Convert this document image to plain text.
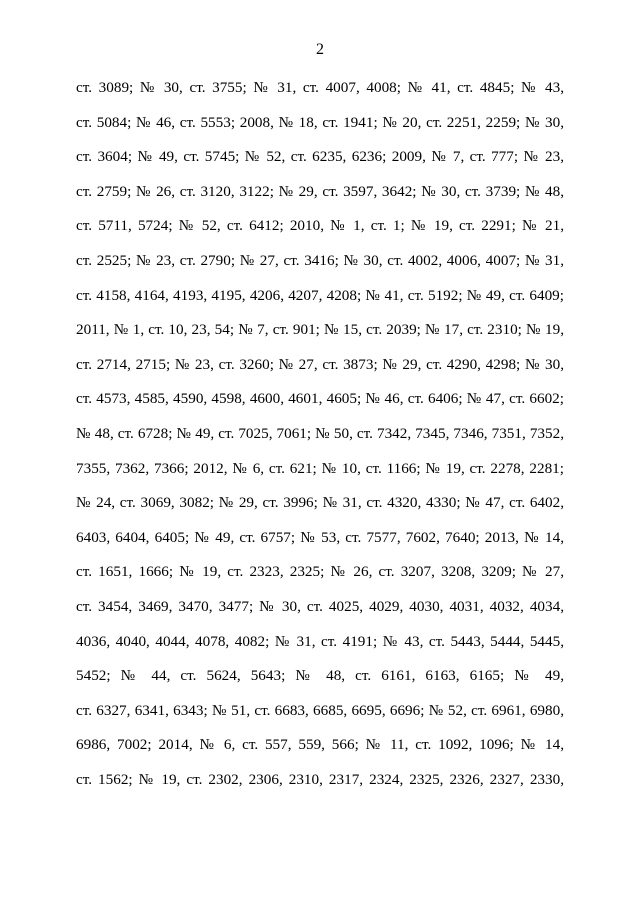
2
ст. 3089; № 30, ст. 3755; № 31, ст. 4007, 4008; № 41, ст. 4845; № 43,
ст. 5084; № 46, ст. 5553; 2008, № 18, ст. 1941; № 20, ст. 2251, 2259; № 30,
ст. 3604; № 49, ст. 5745; № 52, ст. 6235, 6236; 2009, № 7, ст. 777; № 23,
ст. 2759; № 26, ст. 3120, 3122; № 29, ст. 3597, 3642; № 30, ст. 3739; № 48,
ст. 5711, 5724; № 52, ст. 6412; 2010, № 1, ст. 1; № 19, ст. 2291; № 21,
ст. 2525; № 23, ст. 2790; № 27, ст. 3416; № 30, ст. 4002, 4006, 4007; № 31,
ст. 4158, 4164, 4193, 4195, 4206, 4207, 4208; № 41, ст. 5192; № 49, ст. 6409;
2011, № 1, ст. 10, 23, 54; № 7, ст. 901; № 15, ст. 2039; № 17, ст. 2310; № 19,
ст. 2714, 2715; № 23, ст. 3260; № 27, ст. 3873; № 29, ст. 4290, 4298; № 30,
ст. 4573, 4585, 4590, 4598, 4600, 4601, 4605; № 46, ст. 6406; № 47, ст. 6602;
№ 48, ст. 6728; № 49, ст. 7025, 7061; № 50, ст. 7342, 7345, 7346, 7351, 7352,
7355, 7362, 7366; 2012, № 6, ст. 621; № 10, ст. 1166; № 19, ст. 2278, 2281;
№ 24, ст. 3069, 3082; № 29, ст. 3996; № 31, ст. 4320, 4330; № 47, ст. 6402,
6403, 6404, 6405; № 49, ст. 6757; № 53, ст. 7577, 7602, 7640; 2013, № 14,
ст. 1651, 1666; № 19, ст. 2323, 2325; № 26, ст. 3207, 3208, 3209; № 27,
ст. 3454, 3469, 3470, 3477; № 30, ст. 4025, 4029, 4030, 4031, 4032, 4034,
4036, 4040, 4044, 4078, 4082; № 31, ст. 4191; № 43, ст. 5443, 5444, 5445,
5452; № 44, ст. 5624, 5643; № 48, ст. 6161, 6163, 6165; № 49,
ст. 6327, 6341, 6343; № 51, ст. 6683, 6685, 6695, 6696; № 52, ст. 6961, 6980,
6986, 7002; 2014, № 6, ст. 557, 559, 566; № 11, ст. 1092, 1096; № 14,
ст. 1562; № 19, ст. 2302, 2306, 2310, 2317, 2324, 2325, 2326, 2327, 2330,
